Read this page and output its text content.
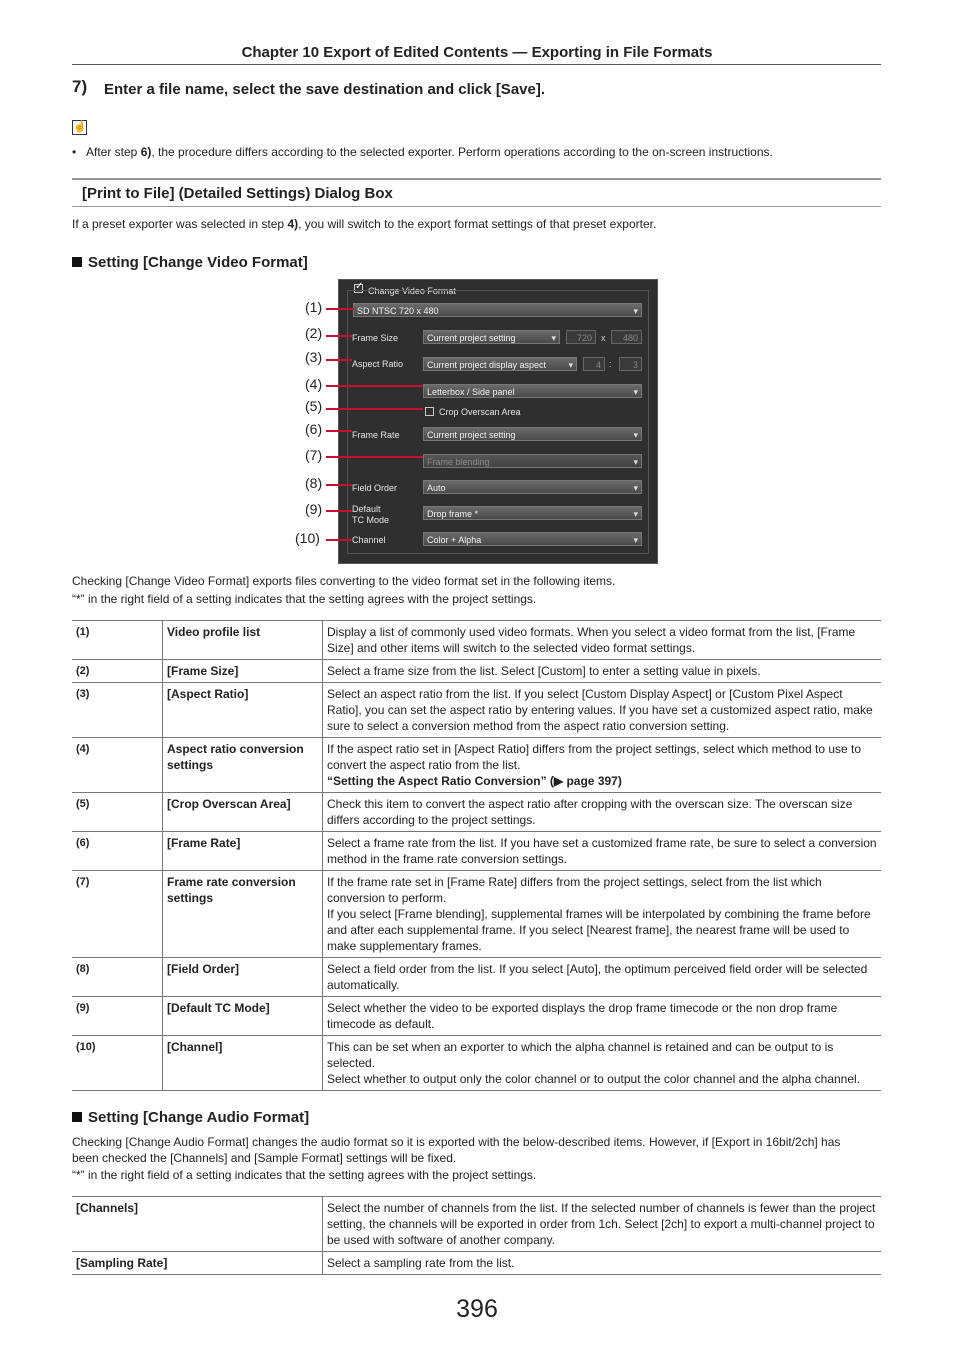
Chapter 10 Export of Edited Contents — Exporting in File Formats
7) Enter a file name, select the save destination and click [Save].
☝
• After step 6), the procedure differs according to the selected exporter. Perform operations according to the on-screen instructions.
[Print to File] (Detailed Settings) Dialog Box
If a preset exporter was selected in step 4), you will switch to the export format settings of that preset exporter.
Setting [Change Video Format]
✓ Change Video Format
SD NTSC 720 x 480 ▾
Frame Size	Current project setting ▾	720	x	480
Aspect Ratio	Current project display aspect ▾	4 :	3
Letterbox / Side panel ▾
Crop Overscan Area
Frame Rate	Current project setting ▾
Frame blending ▾
Field Order	Auto ▾
Default
TC Mode
Drop frame * ▾
Channel	Color + Alpha ▾
(1)
(2)
(3)
(4)
(5)
(6)
(7)
(8)
(9)
(10)
Checking [Change Video Format] exports files converting to the video format set in the following items.
“*” in the right field of a setting indicates that the setting agrees with the project settings.
(1)	Video profile list	Display a list of commonly used video formats. When you select a video format from the list, [Frame Size] and other items will switch to the selected video format settings.
(2)	[Frame Size]	Select a frame size from the list. Select [Custom] to enter a setting value in pixels.
(3)	[Aspect Ratio]	Select an aspect ratio from the list. If you select [Custom Display Aspect] or [Custom Pixel Aspect Ratio], you can set the aspect ratio by entering values. If you have set a customized aspect ratio, make sure to select a conversion method from the aspect ratio conversion setting.
(4)	Aspect ratio conversion settings	If the aspect ratio set in [Aspect Ratio] differs from the project settings, select which method to use to convert the aspect ratio from the list.
“Setting the Aspect Ratio Conversion” (▶ page 397)

(5)	[Crop Overscan Area]	Check this item to convert the aspect ratio after cropping with the overscan size. The overscan size differs according to the project settings.
(6)	[Frame Rate]	Select a frame rate from the list. If you have set a customized frame rate, be sure to select a conversion method in the frame rate conversion settings.
(7)	Frame rate conversion settings	If the frame rate set in [Frame Rate] differs from the project settings, select from the list which conversion to perform.
If you select [Frame blending], supplemental frames will be interpolated by combining the frame before and after each supplemental frame. If you select [Nearest frame], the nearest frame will be used to make supplementary frames.

(8)	[Field Order]	Select a field order from the list. If you select [Auto], the optimum perceived field order will be selected automatically.
(9)	[Default TC Mode]	Select whether the video to be exported displays the drop frame timecode or the non drop frame timecode as default.
(10)	[Channel]	This can be set when an exporter to which the alpha channel is retained and can be output to is selected.
Select whether to output only the color channel or to output the color channel and the alpha channel.
Setting [Change Audio Format]
Checking [Change Audio Format] changes the audio format so it is exported with the below-described items. However, if [Export in 16bit/2ch] has been checked the [Channels] and [Sample Format] settings will be fixed.
“*” in the right field of a setting indicates that the setting agrees with the project settings.
[Channels]	Select the number of channels from the list. If the selected number of channels is fewer than the project setting, the channels will be exported in order from 1ch. Select [2ch] to export a multi-channel project to be used with software of another company.
[Sampling Rate]	Select a sampling rate from the list.
396
